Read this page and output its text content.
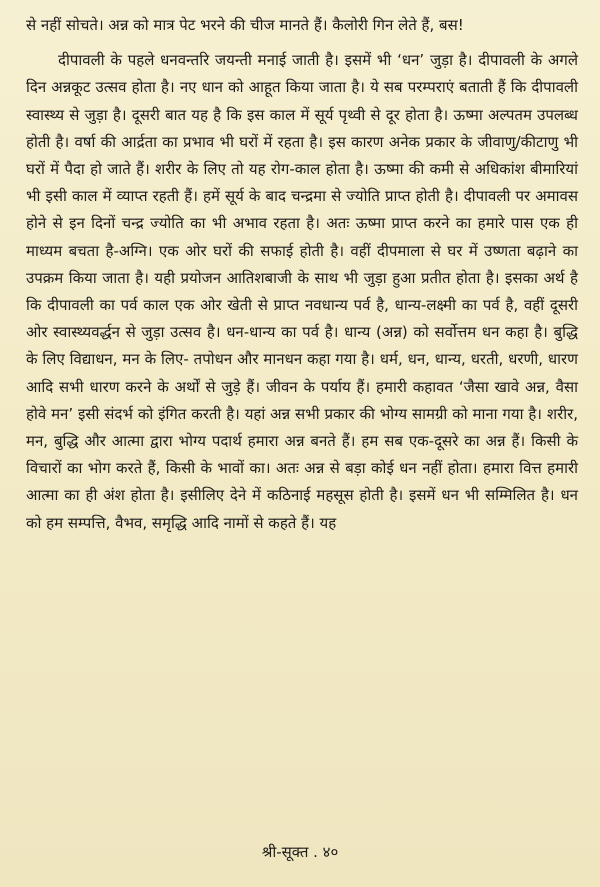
से नहीं सोचते। अन्न को मात्र पेट भरने की चीज मानते हैं। कैलोरी गिन लेते हैं, बस!

दीपावली के पहले धनवन्तरि जयन्ती मनाई जाती है। इसमें भी ‘धन’ जुड़ा है। दीपावली के अगले दिन अन्नकूट उत्सव होता है। नए धान को आहूत किया जाता है। ये सब परम्पराएं बताती हैं कि दीपावली स्वास्थ्य से जुड़ा है। दूसरी बात यह है कि इस काल में सूर्य पृथ्वी से दूर होता है। ऊष्मा अल्पतम उपलब्ध होती है। वर्षा की आर्द्रता का प्रभाव भी घरों में रहता है। इस कारण अनेक प्रकार के जीवाणु/कीटाणु भी घरों में पैदा हो जाते हैं। शरीर के लिए तो यह रोग-काल होता है। ऊष्मा की कमी से अधिकांश बीमारियां भी इसी काल में व्याप्त रहती हैं। हमें सूर्य के बाद चन्द्रमा से ज्योति प्राप्त होती है। दीपावली पर अमावस होने से इन दिनों चन्द्र ज्योति का भी अभाव रहता है। अतः ऊष्मा प्राप्त करने का हमारे पास एक ही माध्यम बचता है-अग्नि। एक ओर घरों की सफाई होती है। वहीं दीपमाला से घर में उष्णता बढ़ाने का उपक्रम किया जाता है। यही प्रयोजन आतिशबाजी के साथ भी जुड़ा हुआ प्रतीत होता है। इसका अर्थ है कि दीपावली का पर्व काल एक ओर खेती से प्राप्त नवधान्य पर्व है, धान्य-लक्ष्मी का पर्व है, वहीं दूसरी ओर स्वास्थ्यवर्द्धन से जुड़ा उत्सव है। धन-धान्य का पर्व है। धान्य (अन्न) को सर्वोत्तम धन कहा है। बुद्धि के लिए विद्याधन, मन के लिए- तपोधन और मानधन कहा गया है। धर्म, धन, धान्य, धरती, धरणी, धारण आदि सभी धारण करने के अर्थों से जुड़े हैं। जीवन के पर्याय हैं। हमारी कहावत ‘जैसा खावे अन्न, वैसा होवे मन’ इसी संदर्भ को इंगित करती है। यहां अन्न सभी प्रकार की भोग्य सामग्री को माना गया है। शरीर, मन, बुद्धि और आत्मा द्वारा भोग्य पदार्थ हमारा अन्न बनते हैं। हम सब एक-दूसरे का अन्न हैं। किसी के विचारों का भोग करते हैं, किसी के भावों का। अतः अन्न से बड़ा कोई धन नहीं होता। हमारा वित्त हमारी आत्मा का ही अंश होता है। इसीलिए देने में कठिनाई महसूस होती है। इसमें धन भी सम्मिलित है। धन को हम सम्पत्ति, वैभव, समृद्धि आदि नामों से कहते हैं। यह

श्री-सूक्त . ४०
